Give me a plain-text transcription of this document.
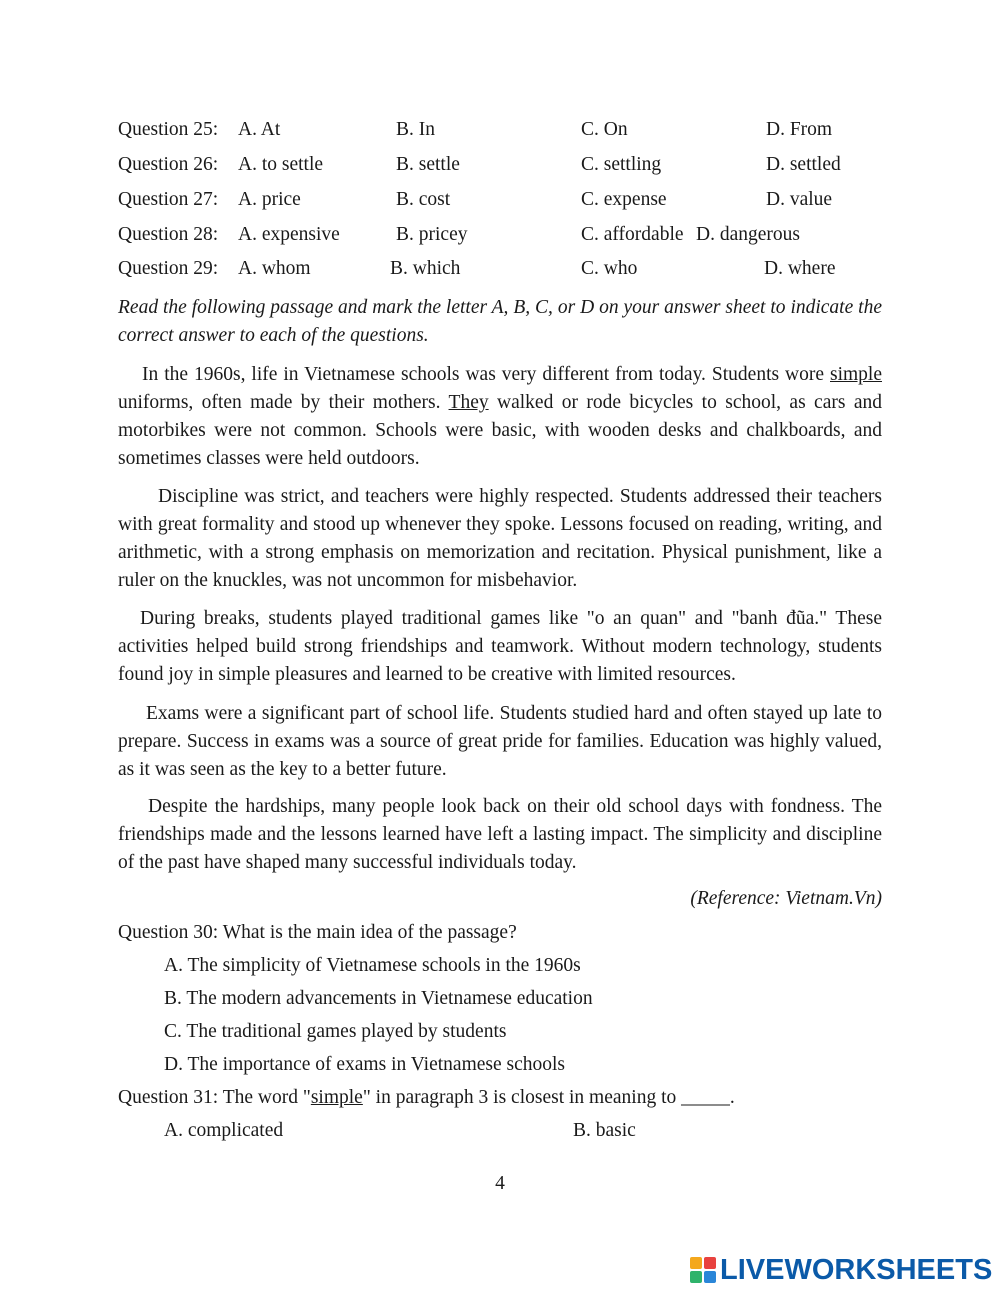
Question 25: A. At	B. In	C. On	D. From
Question 26: A. to settle	B. settle	C. settling	D. settled
Question 27: A. price	B. cost	C. expense	D. value
Question 28: A. expensive	B. pricey	C. affordable D. dangerous
Question 29: A. whom	B. which	C. who	D. where
Read the following passage and mark the letter A, B, C, or D on your answer sheet to indicate the correct answer to each of the questions.
In the 1960s, life in Vietnamese schools was very different from today. Students wore simple uniforms, often made by their mothers. They walked or rode bicycles to school, as cars and motorbikes were not common. Schools were basic, with wooden desks and chalkboards, and sometimes classes were held outdoors.
Discipline was strict, and teachers were highly respected. Students addressed their teachers with great formality and stood up whenever they spoke. Lessons focused on reading, writing, and arithmetic, with a strong emphasis on memorization and recitation. Physical punishment, like a ruler on the knuckles, was not uncommon for misbehavior.
During breaks, students played traditional games like "o an quan" and "banh đũa." These activities helped build strong friendships and teamwork. Without modern technology, students found joy in simple pleasures and learned to be creative with limited resources.
Exams were a significant part of school life. Students studied hard and often stayed up late to prepare. Success in exams was a source of great pride for families. Education was highly valued, as it was seen as the key to a better future.
Despite the hardships, many people look back on their old school days with fondness. The friendships made and the lessons learned have left a lasting impact. The simplicity and discipline of the past have shaped many successful individuals today.
(Reference: Vietnam.Vn)
Question 30: What is the main idea of the passage?
A. The simplicity of Vietnamese schools in the 1960s
B. The modern advancements in Vietnamese education
C. The traditional games played by students
D. The importance of exams in Vietnamese schools
Question 31: The word "simple" in paragraph 3 is closest in meaning to _____.
A. complicated	B. basic
4
LIVEWORKSHEETS
